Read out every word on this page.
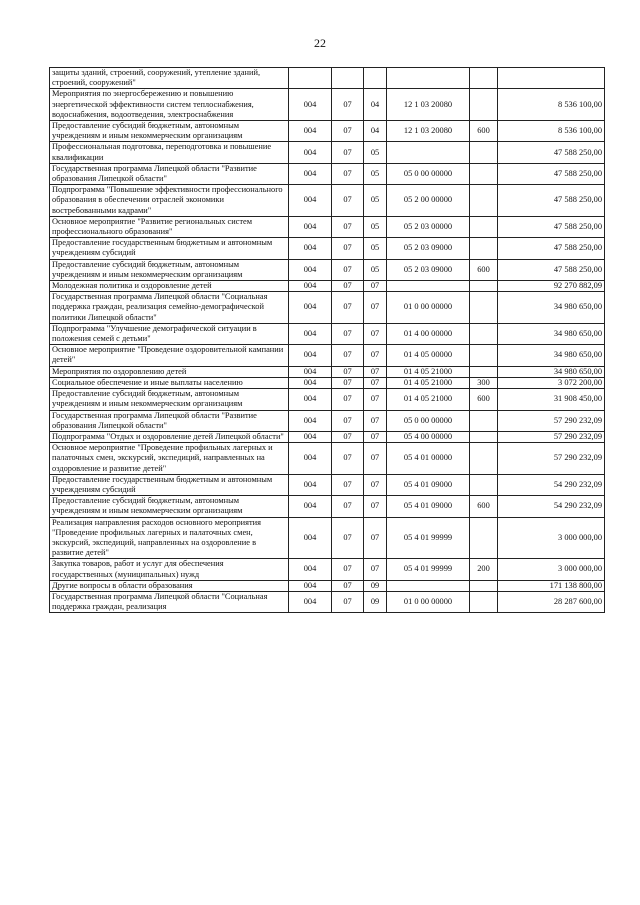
22
защиты зданий, строений, сооружений, утепление зданий, строений, сооружений"						
Мероприятия по энергосбережению и повышению энергетической эффективности систем теплоснабжения, водоснабжения, водоотведения, электроснабжения	004	07	04	12 1 03 20080		8 536 100,00
Предоставление субсидий бюджетным, автономным учреждениям и иным некоммерческим организациям	004	07	04	12 1 03 20080	600	8 536 100,00
Профессиональная подготовка, переподготовка и повышение квалификации	004	07	05			47 588 250,00
Государственная программа Липецкой области "Развитие образования Липецкой области"	004	07	05	05 0 00 00000		47 588 250,00
Подпрограмма "Повышение эффективности профессионального образования в обеспечении отраслей экономики востребованными кадрами"	004	07	05	05 2 00 00000		47 588 250,00
Основное мероприятие "Развитие региональных систем профессионального образования"	004	07	05	05 2 03 00000		47 588 250,00
Предоставление государственным бюджетным и автономным учреждениям субсидий	004	07	05	05 2 03 09000		47 588 250,00
Предоставление субсидий бюджетным, автономным учреждениям и иным некоммерческим организациям	004	07	05	05 2 03 09000	600	47 588 250,00
Молодежная политика и оздоровление детей	004	07	07			92 270 882,09
Государственная программа Липецкой области "Социальная поддержка граждан, реализация семейно-демографической политики Липецкой области"	004	07	07	01 0 00 00000		34 980 650,00
Подпрограмма "Улучшение демографической ситуации в положения семей с детьми"	004	07	07	01 4 00 00000		34 980 650,00
Основное мероприятие "Проведение оздоровительной кампании детей"	004	07	07	01 4 05 00000		34 980 650,00
Мероприятия по оздоровлению детей	004	07	07	01 4 05 21000		34 980 650,00
Социальное обеспечение и иные выплаты населению	004	07	07	01 4 05 21000	300	3 072 200,00
Предоставление субсидий бюджетным, автономным учреждениям и иным некоммерческим организациям	004	07	07	01 4 05 21000	600	31 908 450,00
Государственная программа Липецкой области "Развитие образования Липецкой области"	004	07	07	05 0 00 00000		57 290 232,09
Подпрограмма "Отдых и оздоровление детей Липецкой области"	004	07	07	05 4 00 00000		57 290 232,09
Основное мероприятие "Проведение профильных лагерных и палаточных смен, экскурсий, экспедиций, направленных на оздоровление и развитие детей"	004	07	07	05 4 01 00000		57 290 232,09
Предоставление государственным бюджетным и автономным учреждениям субсидий	004	07	07	05 4 01 09000		54 290 232,09
Предоставление субсидий бюджетным, автономным учреждениям и иным некоммерческим организациям	004	07	07	05 4 01 09000	600	54 290 232,09
Реализация направления расходов основного мероприятия "Проведение профильных лагерных и палаточных смен, экскурсий, экспедиций, направленных на оздоровление в развитие детей"	004	07	07	05 4 01 99999		3 000 000,00
Закупка товаров, работ и услуг для обеспечения государственных (муниципальных) нужд	004	07	07	05 4 01 99999	200	3 000 000,00
Другие вопросы в области образования	004	07	09			171 138 800,00
Государственная программа Липецкой области "Социальная поддержка граждан, реализация	004	07	09	01 0 00 00000		28 287 600,00
